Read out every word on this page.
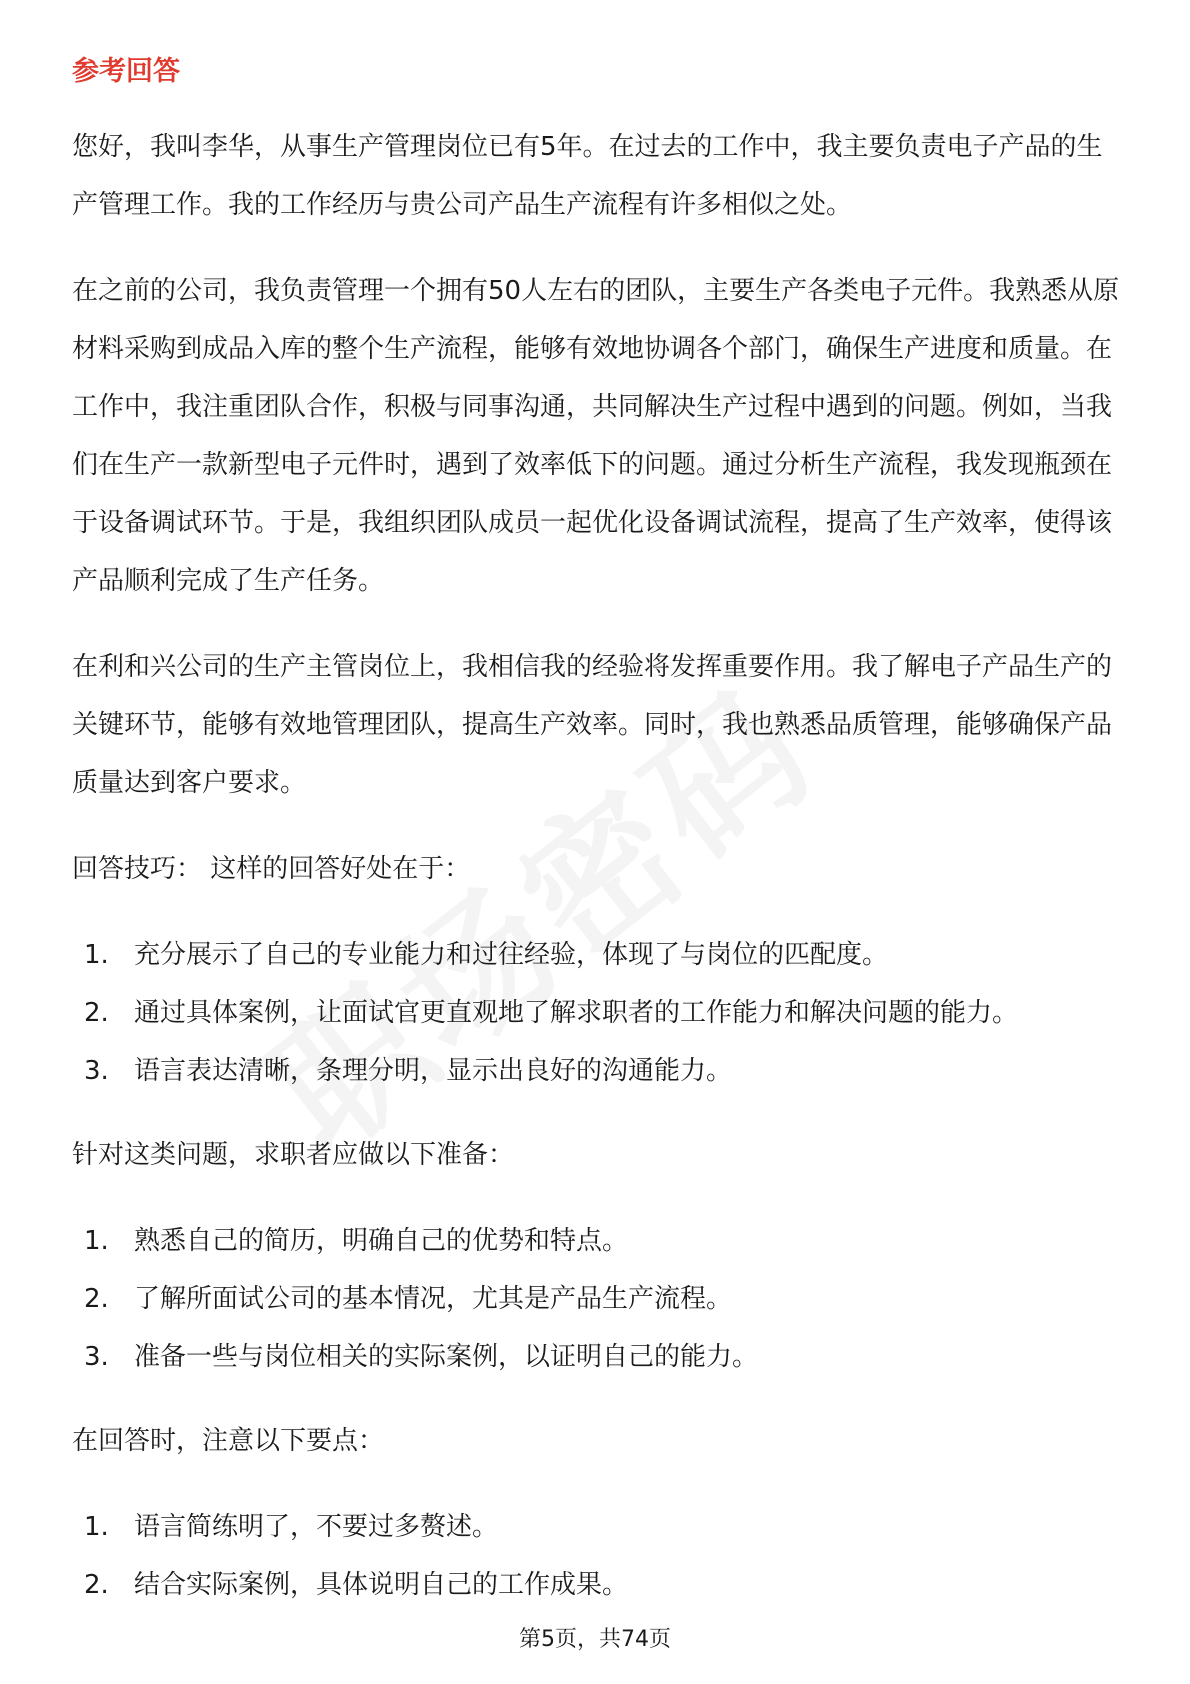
参考回答

您好，我叫李华，从事生产管理岗位已有5年。在过去的工作中，我主要负责电子产品的生产管理工作。我的工作经历与贵公司产品生产流程有许多相似之处。

在之前的公司，我负责管理一个拥有50人左右的团队，主要生产各类电子元件。我熟悉从原材料采购到成品入库的整个生产流程，能够有效地协调各个部门，确保生产进度和质量。在工作中，我注重团队合作，积极与同事沟通，共同解决生产过程中遇到的问题。例如，当我们在生产一款新型电子元件时，遇到了效率低下的问题。通过分析生产流程，我发现瓶颈在于设备调试环节。于是，我组织团队成员一起优化设备调试流程，提高了生产效率，使得该产品顺利完成了生产任务。

在利和兴公司的生产主管岗位上，我相信我的经验将发挥重要作用。我了解电子产品生产的关键环节，能够有效地管理团队，提高生产效率。同时，我也熟悉品质管理，能够确保产品质量达到客户要求。

回答技巧： 这样的回答好处在于：

1. 充分展示了自己的专业能力和过往经验，体现了与岗位的匹配度。
2. 通过具体案例，让面试官更直观地了解求职者的工作能力和解决问题的能力。
3. 语言表达清晰，条理分明，显示出良好的沟通能力。

针对这类问题，求职者应做以下准备：

1. 熟悉自己的简历，明确自己的优势和特点。
2. 了解所面试公司的基本情况，尤其是产品生产流程。
3. 准备一些与岗位相关的实际案例，以证明自己的能力。

在回答时，注意以下要点：

1. 语言简练明了，不要过多赘述。
2. 结合实际案例，具体说明自己的工作成果。
第5页，共74页
